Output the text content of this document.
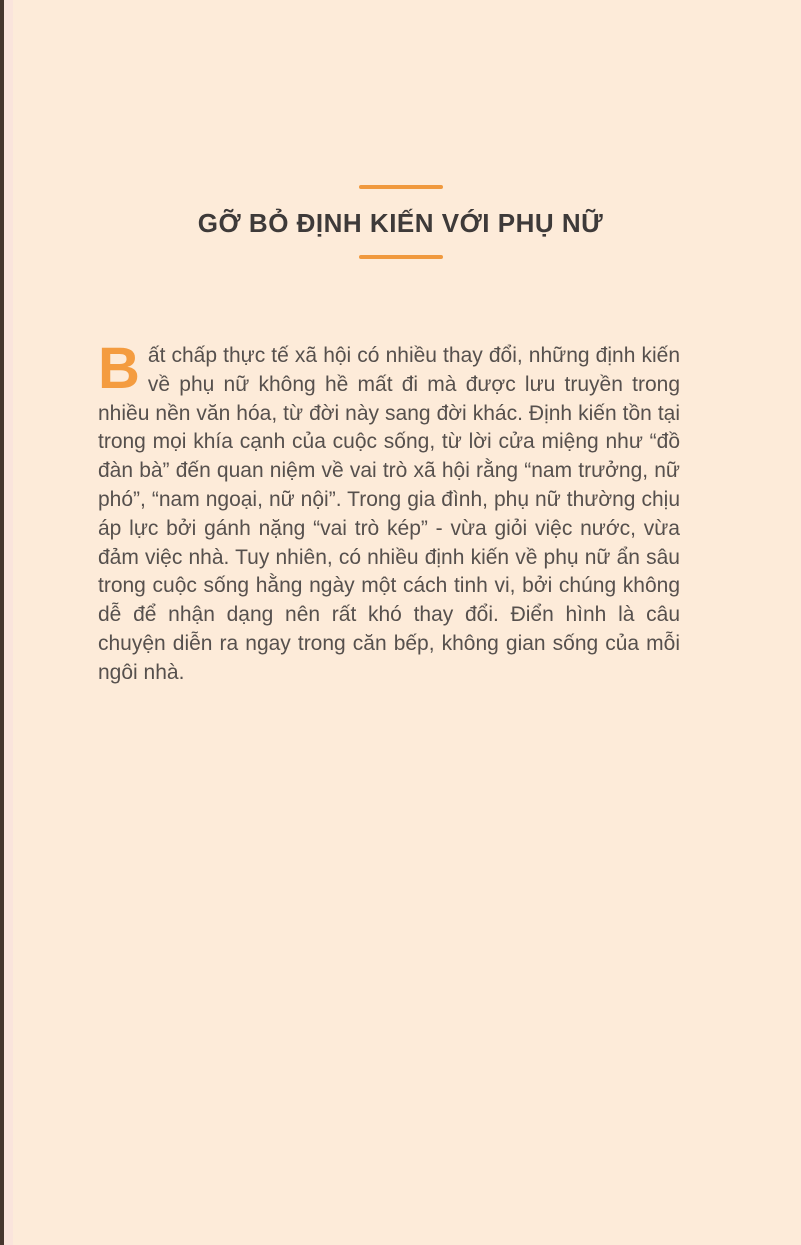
GỠ BỎ ĐỊNH KIẾN VỚI PHỤ NỮ

Bất chấp thực tế xã hội có nhiều thay đổi, những định kiến về phụ nữ không hề mất đi mà được lưu truyền trong nhiều nền văn hóa, từ đời này sang đời khác. Định kiến tồn tại trong mọi khía cạnh của cuộc sống, từ lời cửa miệng như “đồ đàn bà” đến quan niệm về vai trò xã hội rằng “nam trưởng, nữ phó”, “nam ngoại, nữ nội”. Trong gia đình, phụ nữ thường chịu áp lực bởi gánh nặng “vai trò kép” - vừa giỏi việc nước, vừa đảm việc nhà. Tuy nhiên, có nhiều định kiến về phụ nữ ẩn sâu trong cuộc sống hằng ngày một cách tinh vi, bởi chúng không dễ để nhận dạng nên rất khó thay đổi. Điển hình là câu chuyện diễn ra ngay trong căn bếp, không gian sống của mỗi ngôi nhà.
